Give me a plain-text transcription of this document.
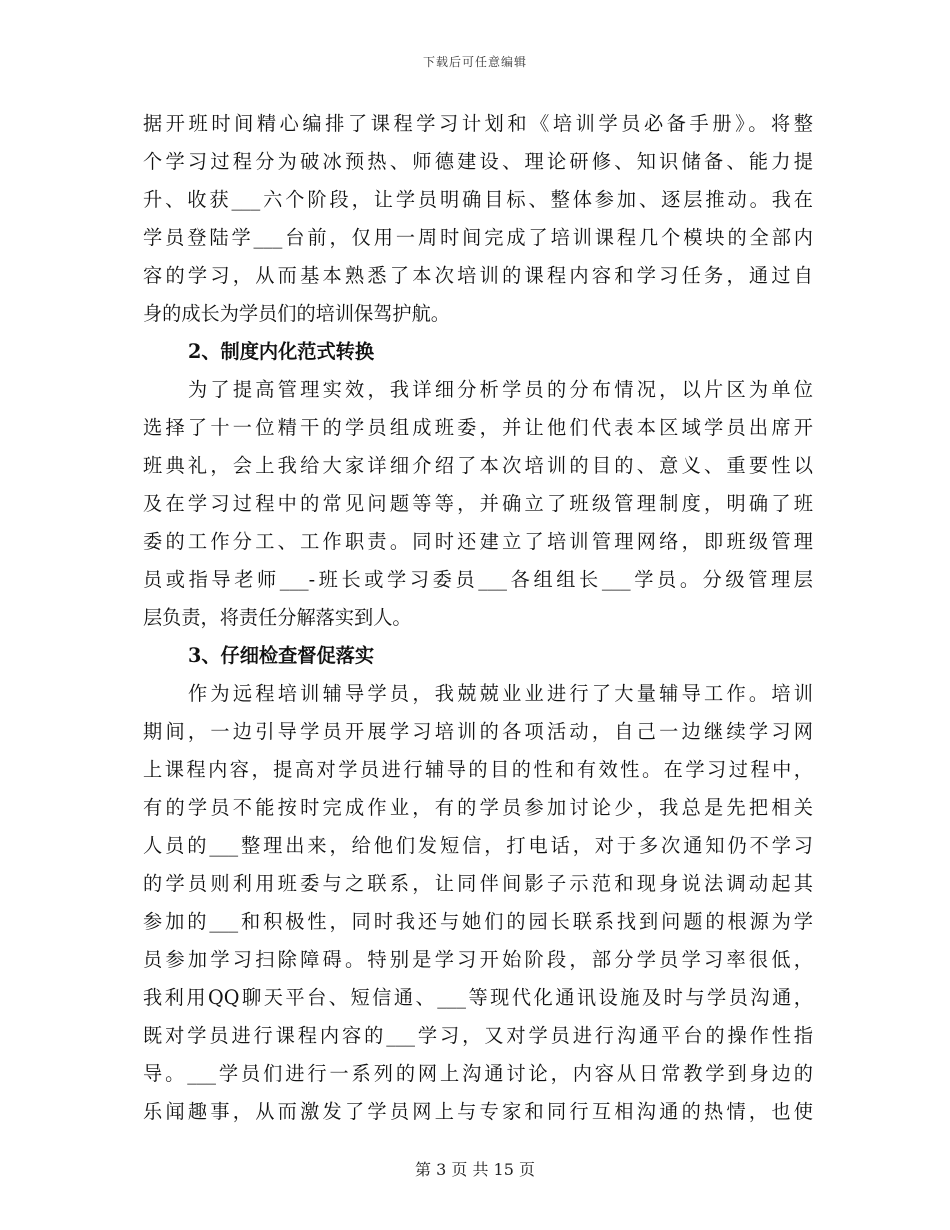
下载后可任意编辑
据开班时间精心编排了课程学习计划和《培训学员必备手册》。将整
个学习过程分为破冰预热、师德建设、理论研修、知识储备、能力提
升、收获___六个阶段，让学员明确目标、整体参加、逐层推动。我在
学员登陆学___台前，仅用一周时间完成了培训课程几个模块的全部内
容的学习，从而基本熟悉了本次培训的课程内容和学习任务，通过自
身的成长为学员们的培训保驾护航。
2、制度内化范式转换
为了提高管理实效，我详细分析学员的分布情况，以片区为单位
选择了十一位精干的学员组成班委，并让他们代表本区域学员出席开
班典礼，会上我给大家详细介绍了本次培训的目的、意义、重要性以
及在学习过程中的常见问题等等，并确立了班级管理制度，明确了班
委的工作分工、工作职责。同时还建立了培训管理网络，即班级管理
员或指导老师___-班长或学习委员___各组组长___学员。分级管理层
层负责，将责任分解落实到人。
3、仔细检查督促落实
作为远程培训辅导学员，我兢兢业业进行了大量辅导工作。培训
期间，一边引导学员开展学习培训的各项活动，自己一边继续学习网
上课程内容，提高对学员进行辅导的目的性和有效性。在学习过程中，
有的学员不能按时完成作业，有的学员参加讨论少，我总是先把相关
人员的___整理出来，给他们发短信，打电话，对于多次通知仍不学习
的学员则利用班委与之联系，让同伴间影子示范和现身说法调动起其
参加的___和积极性，同时我还与她们的园长联系找到问题的根源为学
员参加学习扫除障碍。特别是学习开始阶段，部分学员学习率很低，
我利用QQ聊天平台、短信通、___等现代化通讯设施及时与学员沟通，
既对学员进行课程内容的___学习，又对学员进行沟通平台的操作性指
导。___学员们进行一系列的网上沟通讨论，内容从日常教学到身边的
乐闻趣事，从而激发了学员网上与专家和同行互相沟通的热情，也使
第 3 页 共 15 页
